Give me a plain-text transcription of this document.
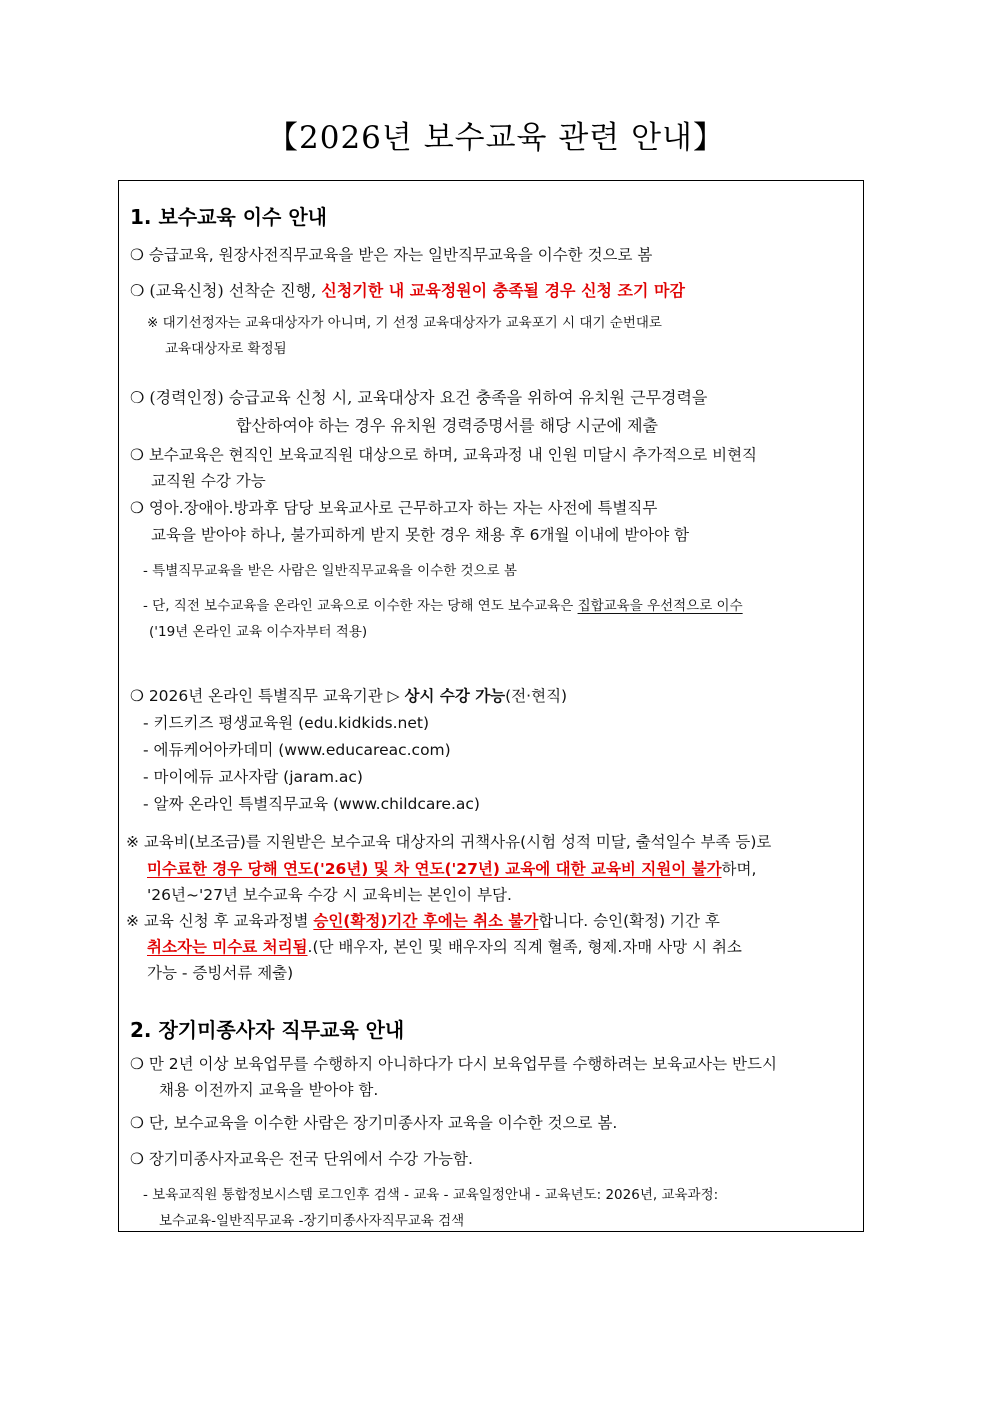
【2026년 보수교육 관련 안내】
1. 보수교육 이수 안내
❍ 승급교육, 원장사전직무교육을 받은 자는 일반직무교육을 이수한 것으로 봄
❍ (교육신청) 선착순 진행, 신청기한 내 교육정원이 충족될 경우 신청 조기 마감
※ 대기선정자는 교육대상자가 아니며, 기 선정 교육대상자가 교육포기 시 대기 순번대로
교육대상자로 확정됨
❍ (경력인정) 승급교육 신청 시, 교육대상자 요건 충족을 위하여 유치원 근무경력을
합산하여야 하는 경우 유치원 경력증명서를 해당 시군에 제출
❍ 보수교육은 현직인 보육교직원 대상으로 하며, 교육과정 내 인원 미달시 추가적으로 비현직
교직원 수강 가능
❍ 영아.장애아.방과후 담당 보육교사로 근무하고자 하는 자는 사전에 특별직무
교육을 받아야 하나, 불가피하게 받지 못한 경우 채용 후 6개월 이내에 받아야 함
- 특별직무교육을 받은 사람은 일반직무교육을 이수한 것으로 봄
- 단, 직전 보수교육을 온라인 교육으로 이수한 자는 당해 연도 보수교육은 집합교육을 우선적으로 이수
('19년 온라인 교육 이수자부터 적용)
❍ 2026년 온라인 특별직무 교육기관 ▷ 상시 수강 가능(전·현직)
- 키드키즈 평생교육원 (edu.kidkids.net)
- 에듀케어아카데미 (www.educareac.com)
- 마이에듀 교사자람 (jaram.ac)
- 알짜 온라인 특별직무교육 (www.childcare.ac)
※ 교육비(보조금)를 지원받은 보수교육 대상자의 귀책사유(시험 성적 미달, 출석일수 부족 등)로
미수료한 경우 당해 연도('26년) 및 차 연도('27년) 교육에 대한 교육비 지원이 불가하며,
'26년~'27년 보수교육 수강 시 교육비는 본인이 부담.
※ 교육 신청 후 교육과정별 승인(확정)기간 후에는 취소 불가합니다. 승인(확정) 기간 후
취소자는 미수료 처리됨.(단 배우자, 본인 및 배우자의 직계 혈족, 형제.자매 사망 시 취소
가능 - 증빙서류 제출)
2. 장기미종사자 직무교육 안내
❍ 만 2년 이상 보육업무를 수행하지 아니하다가 다시 보육업무를 수행하려는 보육교사는 반드시
채용 이전까지 교육을 받아야 함.
❍ 단, 보수교육을 이수한 사람은 장기미종사자 교육을 이수한 것으로 봄.
❍ 장기미종사자교육은 전국 단위에서 수강 가능함.
- 보육교직원 통합정보시스템 로그인후 검색 - 교육 - 교육일정안내 - 교육년도: 2026년, 교육과정:
보수교육-일반직무교육 -장기미종사자직무교육 검색
